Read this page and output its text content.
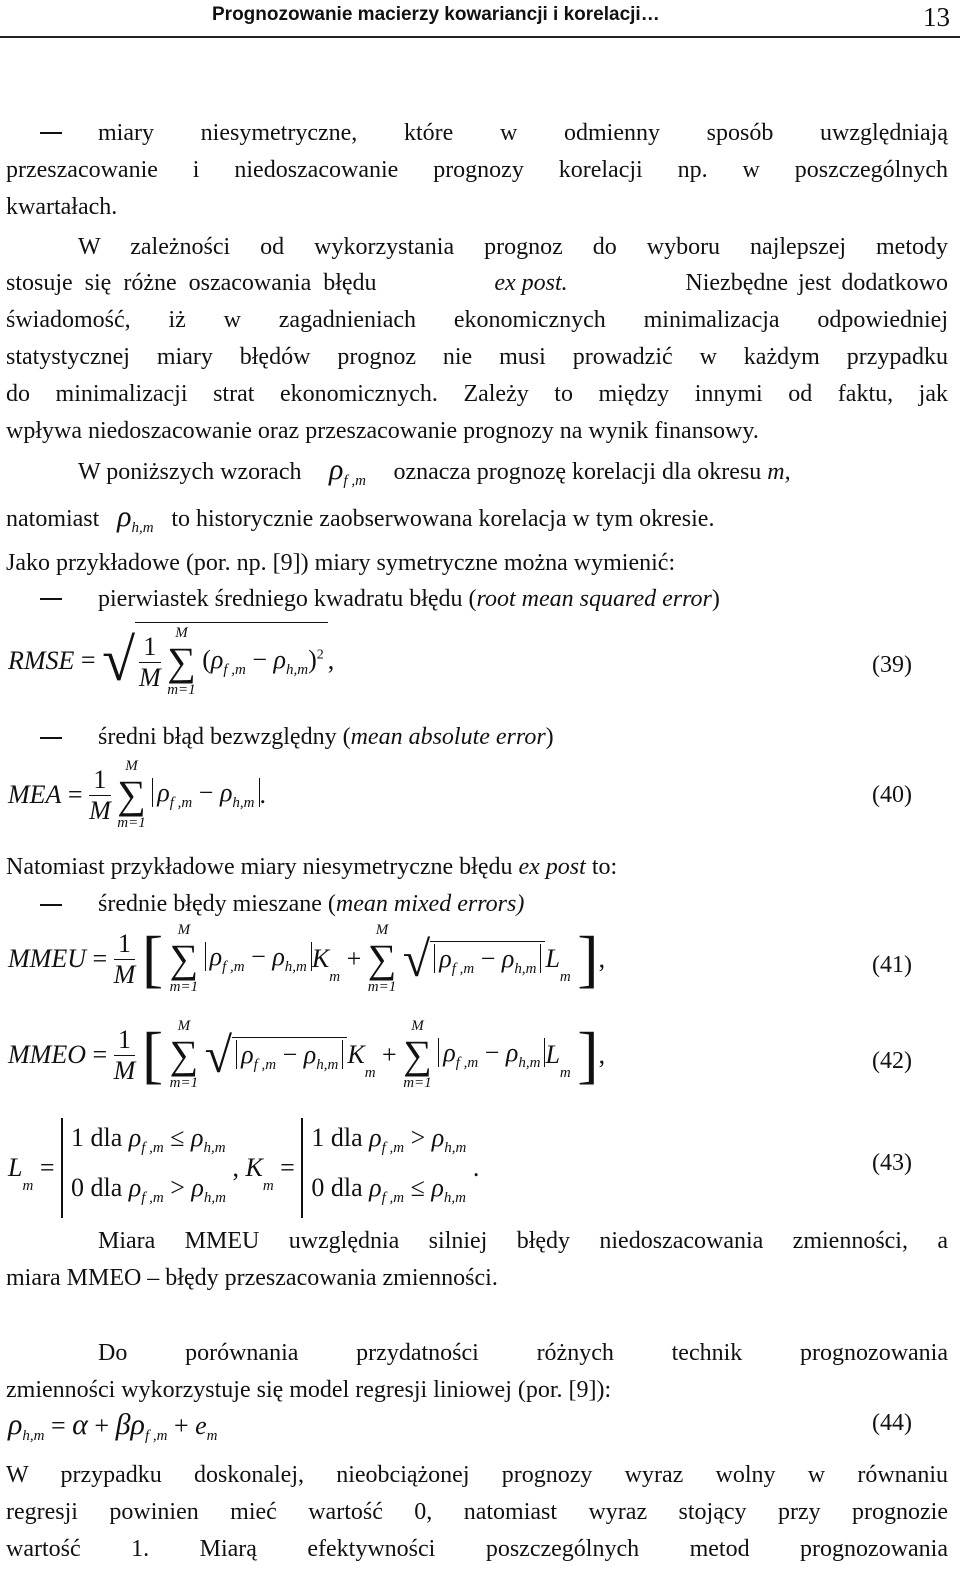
Prognozowanie macierzy kowariancji i korelacji…	13
miary niesymetryczne, które w odmienny sposób uwzględniają
przeszacowanie i niedoszacowanie prognozy korelacji np. w poszczególnych
kwartałach.
W zależności od wykorzystania prognoz do wyboru najlepszej metody
stosuje się różne oszacowania błędu	ex post.	Niezbędne jest dodatkowo
świadomość, iż w zagadnieniach ekonomicznych minimalizacja odpowiedniej
statystycznej miary błędów prognoz nie musi prowadzić w każdym przypadku
do minimalizacji strat ekonomicznych. Zależy to między innymi od faktu, jak
wpływa niedoszacowanie oraz przeszacowanie prognozy na wynik finansowy.
W poniższych wzorach $\rho_{f ,m}$ oznacza prognozę korelacji dla okresu m,
natomiast $\rho_{h,m}$ to historycznie zaobserwowana korelacja w tym okresie.
Jako przykładowe (por. np. [9]) miary symetryczne można wymienić:
pierwiastek średniego kwadratu błędu (root mean squared error)
RMSE = √ $\frac{1}{M}$ M
∑
m=1 $(\rho_{f ,m} - \rho_{h,m})^2$ ,	(39)
średni błąd bezwzględny (mean absolute error)
MEA = $\frac{1}{M}$ M
∑
m=1 $\rho_{f ,m} - \rho_{h,m}$ .	(40)
Natomiast przykładowe miary niesymetryczne błędu ex post to:
średnie błędy mieszane (mean mixed errors)
MMEU = $\frac{1}{M}$ [ M
∑
m=1 $\rho_{f ,m} - \rho_{h,m}$ $K_m + M$
∑
m=1 √ $\rho_{f ,m} - \rho_{h,m}$ $L_m$ ],	(41)
MMEO = $\frac{1}{M}$ [ M
∑
m=1 √ $\rho_{f ,m} - \rho_{h,m}$ $K_m + M$
∑
m=1 $\rho_{f ,m} - \rho_{h,m}$ $L_m$ ],	(42)
$L_m$ =
1 dla $\rho_{f ,m} \le \rho_{h,m}$
0 dla $\rho_{f ,m} > \rho_{h,m}$
, $K_m$ =
1 dla $\rho_{f ,m} > \rho_{h,m}$
0 dla $\rho_{f ,m} \le \rho_{h,m}$
.	(43)
Miara MMEU uwzględnia silniej błędy niedoszacowania zmienności, a
miara MMEO – błędy przeszacowania zmienności.
Do porównania przydatności różnych technik prognozowania
zmienności wykorzystuje się model regresji liniowej (por. [9]):
$\rho_{h,m} = \alpha + \beta\rho_{f ,m} + e_m$	(44)
W przypadku doskonalej, nieobciążonej prognozy wyraz wolny w równaniu
regresji powinien mieć wartość 0, natomiast wyraz stojący przy prognozie
wartość 1. Miarą efektywności poszczególnych metod prognozowania
